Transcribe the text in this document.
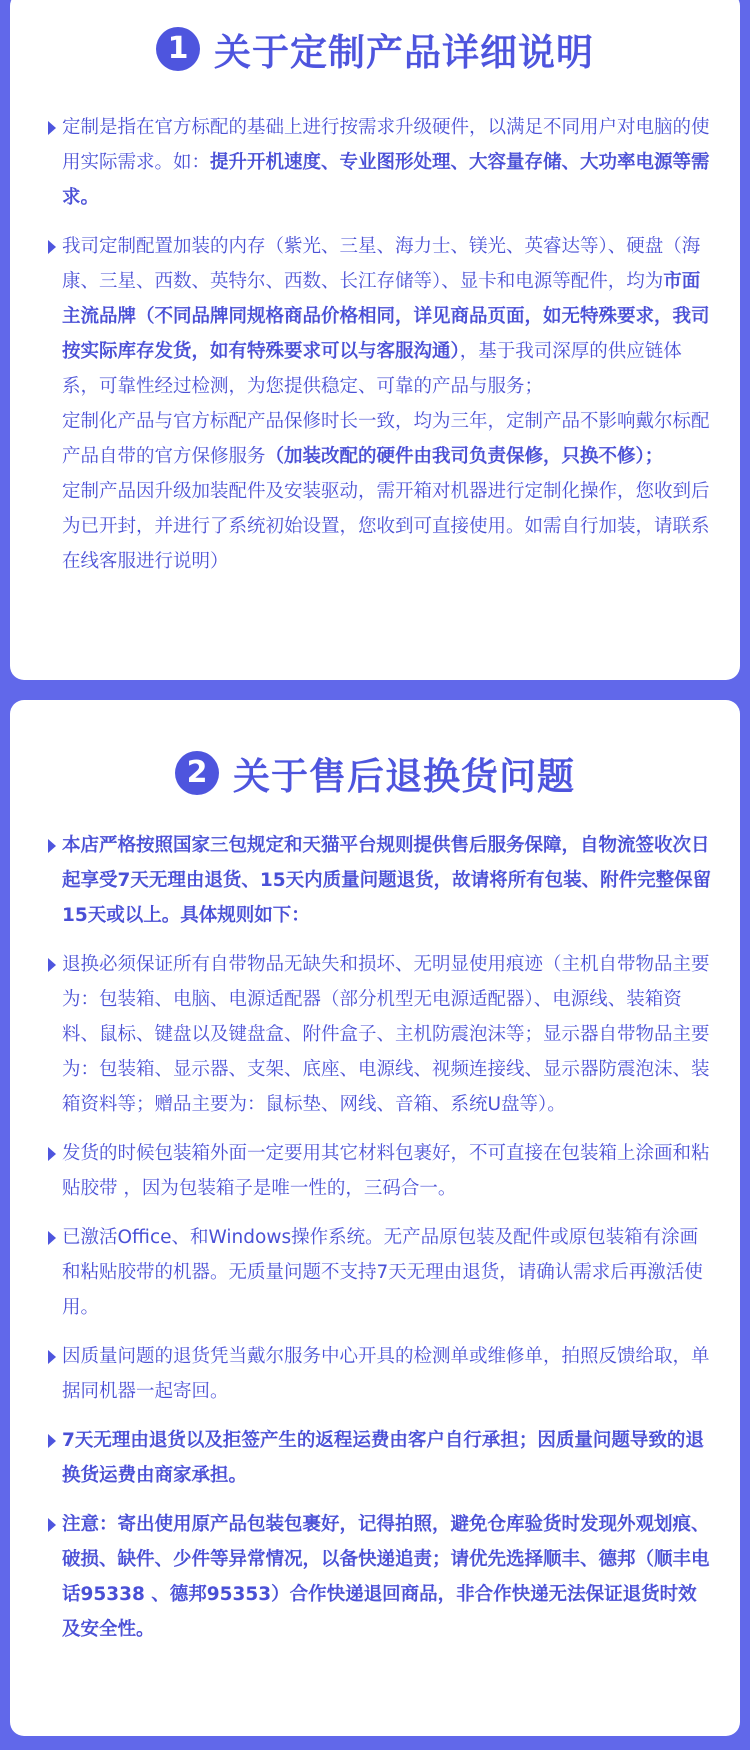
1 关于定制产品详细说明

定制是指在官方标配的基础上进行按需求升级硬件，以满足不同用户对电脑的使用实际需求。如：提升开机速度、专业图形处理、大容量存储、大功率电源等需求。

我司定制配置加装的内存（紫光、三星、海力士、镁光、英睿达等）、硬盘（海康、三星、西数、英特尔、西数、长江存储等）、显卡和电源等配件，均为市面主流品牌（不同品牌同规格商品价格相同，详见商品页面，如无特殊要求，我司按实际库存发货，如有特殊要求可以与客服沟通），基于我司深厚的供应链体系，可靠性经过检测，为您提供稳定、可靠的产品与服务；

定制化产品与官方标配产品保修时长一致，均为三年，定制产品不影响戴尔标配产品自带的官方保修服务（加装改配的硬件由我司负责保修，只换不修）；

定制产品因升级加装配件及安装驱动，需开箱对机器进行定制化操作，您收到后为已开封，并进行了系统初始设置，您收到可直接使用。如需自行加装，请联系在线客服进行说明）

2 关于售后退换货问题

本店严格按照国家三包规定和天猫平台规则提供售后服务保障，自物流签收次日起享受7天无理由退货、15天内质量问题退货，故请将所有包装、附件完整保留15天或以上。具体规则如下：

退换必须保证所有自带物品无缺失和损坏、无明显使用痕迹（主机自带物品主要为：包装箱、电脑、电源适配器（部分机型无电源适配器）、电源线、装箱资料、鼠标、键盘以及键盘盒、附件盒子、主机防震泡沫等；显示器自带物品主要为：包装箱、显示器、支架、底座、电源线、视频连接线、显示器防震泡沫、装箱资料等；赠品主要为：鼠标垫、网线、音箱、系统U盘等）。

发货的时候包装箱外面一定要用其它材料包裹好，不可直接在包装箱上涂画和粘贴胶带 ，因为包装箱子是唯一性的，三码合一。

已激活Office、和Windows操作系统。无产品原包装及配件或原包装箱有涂画和粘贴胶带的机器。无质量问题不支持7天无理由退货，请确认需求后再激活使用。

因质量问题的退货凭当戴尔服务中心开具的检测单或维修单，拍照反馈给取，单据同机器一起寄回。

7天无理由退货以及拒签产生的返程运费由客户自行承担；因质量问题导致的退换货运费由商家承担。

注意：寄出使用原产品包装包裹好，记得拍照，避免仓库验货时发现外观划痕、破损、缺件、少件等异常情况，以备快递追责；请优先选择顺丰、德邦（顺丰电话95338 、德邦95353）合作快递退回商品，非合作快递无法保证退货时效及安全性。
